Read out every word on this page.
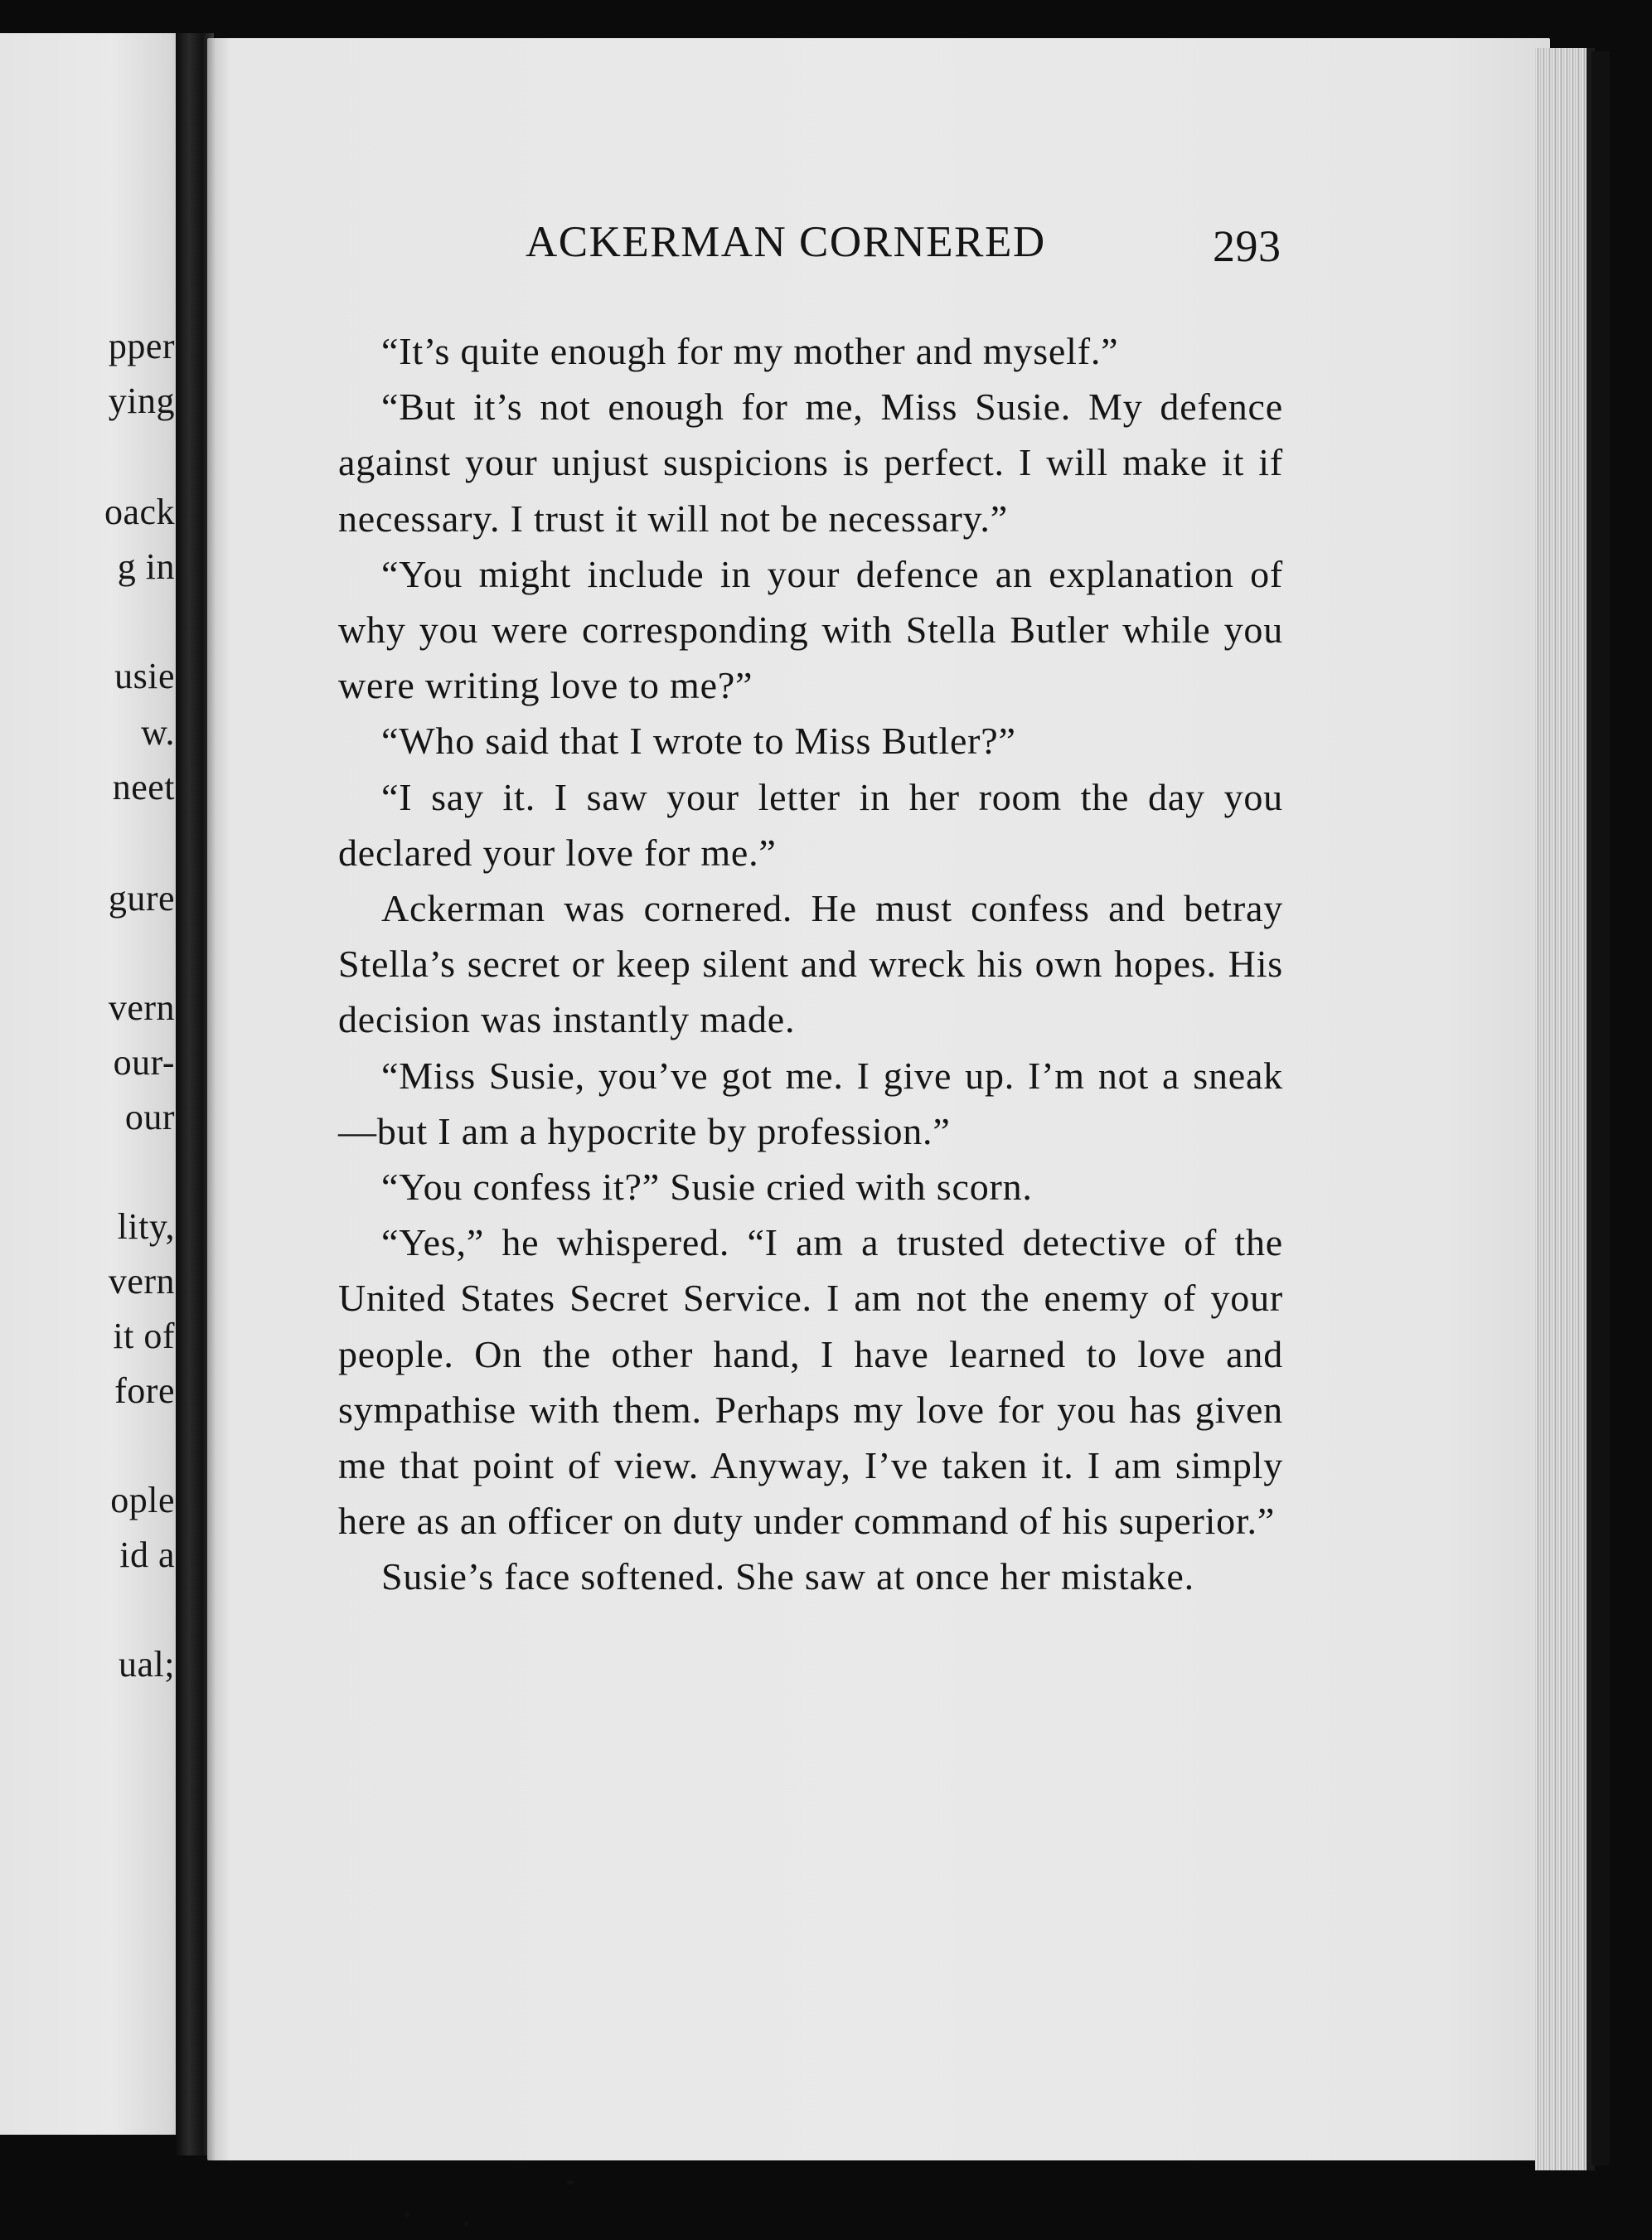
pper
ying
oack
g in
usie
w.
neet
gure
vern
our-
our
lity,
vern
it of
fore
ople
id a
ual;
ACKERMAN CORNERED	293

“It’s quite enough for my mother and myself.”

“But it’s not enough for me, Miss Susie. My defence against your unjust suspicions is perfect. I will make it if necessary. I trust it will not be necessary.”

“You might include in your defence an explanation of why you were corresponding with Stella Butler while you were writing love to me?”

“Who said that I wrote to Miss Butler?”

“I say it. I saw your letter in her room the day you declared your love for me.”

Ackerman was cornered. He must confess and betray Stella’s secret or keep silent and wreck his own hopes. His decision was instantly made.

“Miss Susie, you’ve got me. I give up. I’m not a sneak—but I am a hypocrite by profession.”

“You confess it?” Susie cried with scorn.

“Yes,” he whispered. “I am a trusted detective of the United States Secret Service. I am not the enemy of your people. On the other hand, I have learned to love and sympathise with them. Perhaps my love for you has given me that point of view. Anyway, I’ve taken it. I am simply here as an officer on duty under command of his superior.”

Susie’s face softened. She saw at once her mistake.
